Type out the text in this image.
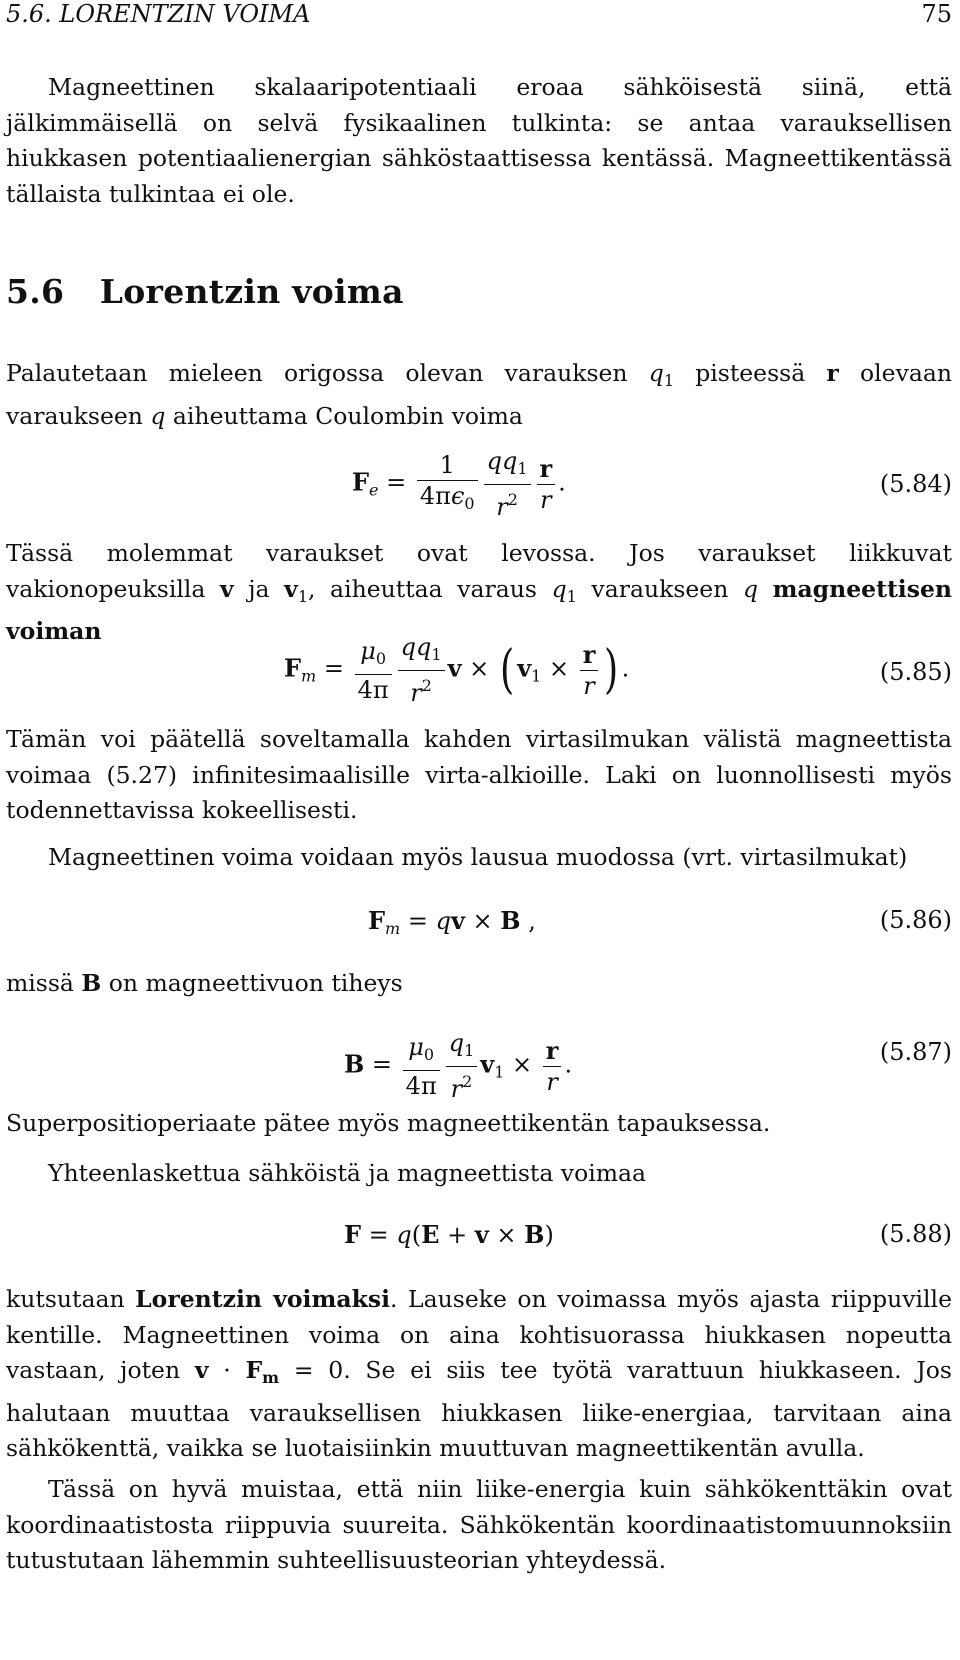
5.6. LORENTZIN VOIMA	75

Magneettinen skalaaripotentiaali eroaa sähköisestä siinä, että jälkimmäisellä on selvä fysikaalinen tulkinta: se antaa varauksellisen hiukkasen potentiaalienergian sähköstaattisessa kentässä. Magneettikentässä tällaista tulkintaa ei ole.

5.6 Lorentzin voima

Palautetaan mieleen origossa olevan varauksen $q_1$ pisteessä r olevaan varaukseen q aiheuttama Coulombin voima

$F_e = \frac{1}{4\pi\epsilon_0} \frac{qq_1}{r^2} \frac{r}{r}$ .	(5.84)

Tässä molemmat varaukset ovat levossa. Jos varaukset liikkuvat vakionopeuksilla v ja $v_1$, aiheuttaa varaus $q_1$ varaukseen q magneettisen voiman

$F_m = \frac{\mu_0}{4\pi} \frac{qq_1}{r^2}$ v × ( $v_1 \times \frac{r}{r}$ ) .	(5.85)

Tämän voi päätellä soveltamalla kahden virtasilmukan välistä magneettista voimaa (5.27) infinitesimaalisille virta-alkioille. Laki on luonnollisesti myös todennettavissa kokeellisesti.

Magneettinen voima voidaan myös lausua muodossa (vrt. virtasilmukat)

$F_m$ = qv × B ,	(5.86)

missä B on magneettivuon tiheys

$B = \frac{\mu_0}{4\pi} \frac{q_1}{r^2} v_1 \times \frac{r}{r}$ .	(5.87)

Superpositioperiaate pätee myös magneettikentän tapauksessa.

Yhteenlaskettua sähköistä ja magneettista voimaa

F = q(E + v × B)	(5.88)

kutsutaan Lorentzin voimaksi. Lauseke on voimassa myös ajasta riippuville kentille. Magneettinen voima on aina kohtisuorassa hiukkasen nopeutta vastaan, joten $v \cdot F_m = 0$. Se ei siis tee työtä varattuun hiukkaseen. Jos halutaan muuttaa varauksellisen hiukkasen liike-energiaa, tarvitaan aina sähkökenttä, vaikka se luotaisiinkin muuttuvan magneettikentän avulla.

Tässä on hyvä muistaa, että niin liike-energia kuin sähkökenttäkin ovat koordinaatistosta riippuvia suureita. Sähkökentän koordinaatistomuunnoksiin tutustutaan lähemmin suhteellisuusteorian yhteydessä.
